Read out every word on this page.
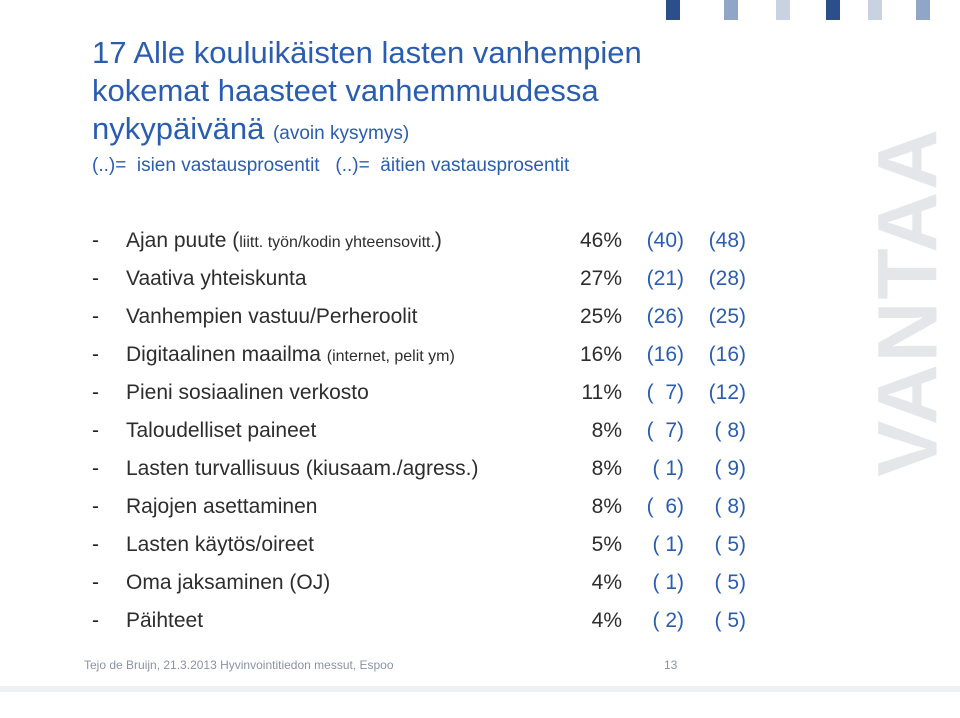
17 Alle kouluikäisten lasten vanhempien
kokemat haasteet vanhemmuudessa
nykypäivänä (avoin kysymys)
(..)=  isien vastausprosentit   (..)=  äitien vastausprosentit
- Ajan puute (liitt. työn/kodin yhteensovitt.)	46%	(40)	(48)
- Vaativa yhteiskunta	27%	(21)	(28)
- Vanhempien vastuu/Perheroolit	25%	(26)	(25)
- Digitaalinen maailma (internet, pelit ym)	16%	(16)	(16)
- Pieni sosiaalinen verkosto	11%	(  7)	(12)
- Taloudelliset paineet	8%	(  7)	( 8)
- Lasten turvallisuus (kiusaam./agress.)	8%	( 1)	( 9)
- Rajojen asettaminen	8%	(  6)	( 8)
- Lasten käytös/oireet	5%	( 1)	( 5)
- Oma jaksaminen (OJ)	4%	( 1)	( 5)
- Päihteet	4%	( 2)	( 5)
VANTAA
Tejo de Bruijn, 21.3.2013 Hyvinvointitiedon messut, Espoo	13
